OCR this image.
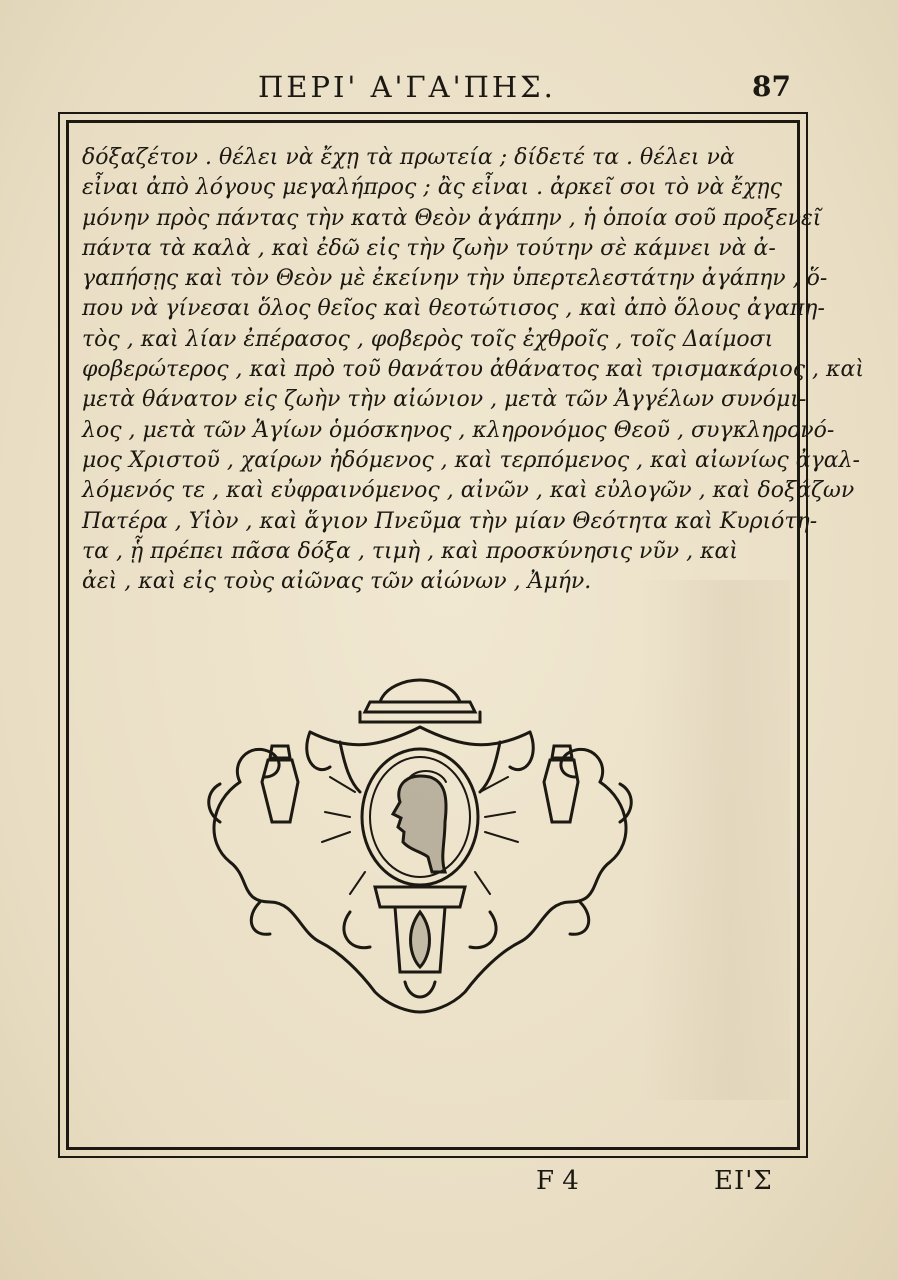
ΠΕΡΙ' Α'ΓΑ'ΠΗΣ.	87
δόξαζέτον . θέλει νὰ ἔχῃ τὰ πρωτεία ; δίδετέ τα . θέλει νὰ
εἶναι ἀπὸ λόγους μεγαλήπρος ; ἂς εἶναι . ἀρκεῖ σοι τὸ νὰ ἔχῃς
μόνην πρὸς πάντας τὴν κατὰ Θεὸν ἀγάπην , ἡ ὁποία σοῦ προξενεῖ
πάντα τὰ καλὰ , καὶ ἐδῶ εἰς τὴν ζωὴν τούτην σὲ κάμνει νὰ ἀ-
γαπήσῃς καὶ τὸν Θεὸν μὲ ἐκείνην τὴν ὑπερτελεστάτην ἀγάπην , ὅ-
που νὰ γίνεσαι ὅλος θεῖος καὶ θεοτώτισος , καὶ ἀπὸ ὅλους ἀγαπη-
τὸς , καὶ λίαν ἐπέρασος , φοβερὸς τοῖς ἐχθροῖς , τοῖς Δαίμοσι
φοβερώτερος , καὶ πρὸ τοῦ θανάτου ἀθάνατος καὶ τρισμακάριος , καὶ
μετὰ θάνατον εἰς ζωὴν τὴν αἰώνιον , μετὰ τῶν Ἀγγέλων συνόμι-
λος , μετὰ τῶν Ἁγίων ὁμόσκηνος , κληρονόμος Θεοῦ , συγκληρονό-
μος Χριστοῦ , χαίρων ἠδόμενος , καὶ τερπόμενος , καὶ αἰωνίως ἀγαλ-
λόμενός τε , καὶ εὐφραινόμενος , αἰνῶν , καὶ εὐλογῶν , καὶ δοξάζων
Πατέρα , Υἱὸν , καὶ ἅγιον Πνεῦμα τὴν μίαν Θεότητα καὶ Κυριότη-
τα , ᾗ πρέπει πᾶσα δόξα , τιμὴ , καὶ προσκύνησις νῦν , καὶ
ἀεὶ , καὶ εἰς τοὺς αἰῶνας τῶν αἰώνων , Ἀμήν.
F 4	ΕΙ'Σ
